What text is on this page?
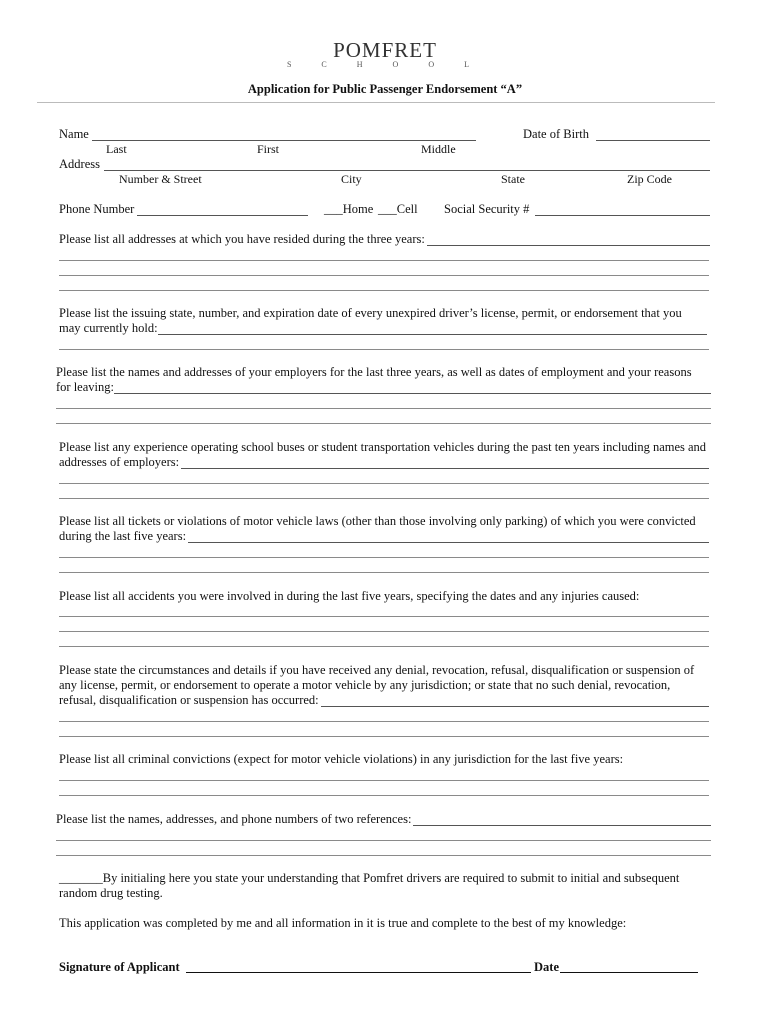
POMFRET
S C H O O L
Application for Public Passenger Endorsement “A”
Name	Date of Birth
Last	First	Middle
Address
Number & Street	City	State	Zip Code
Phone Number	___Home ___Cell Social Security #
Please list all addresses at which you have resided during the three years:
Please list the issuing state, number, and expiration date of every unexpired driver’s license, permit, or endorsement that you
may currently hold:
Please list the names and addresses of your employers for the last three years, as well as dates of employment and your reasons
for leaving:
Please list any experience operating school buses or student transportation vehicles during the past ten years including names and
addresses of employers:
Please list all tickets or violations of motor vehicle laws (other than those involving only parking) of which you were convicted
during the last five years:
Please list all accidents you were involved in during the last five years, specifying the dates and any injuries caused:
Please state the circumstances and details if you have received any denial, revocation, refusal, disqualification or suspension of
any license, permit, or endorsement to operate a motor vehicle by any jurisdiction; or state that no such denial, revocation,
refusal, disqualification or suspension has occurred:
Please list all criminal convictions (expect for motor vehicle violations) in any jurisdiction for the last five years:
Please list the names, addresses, and phone numbers of two references:
_______By initialing here you state your understanding that Pomfret drivers are required to submit to initial and subsequent
random drug testing.
This application was completed by me and all information in it is true and complete to the best of my knowledge:
Signature of Applicant	Date
